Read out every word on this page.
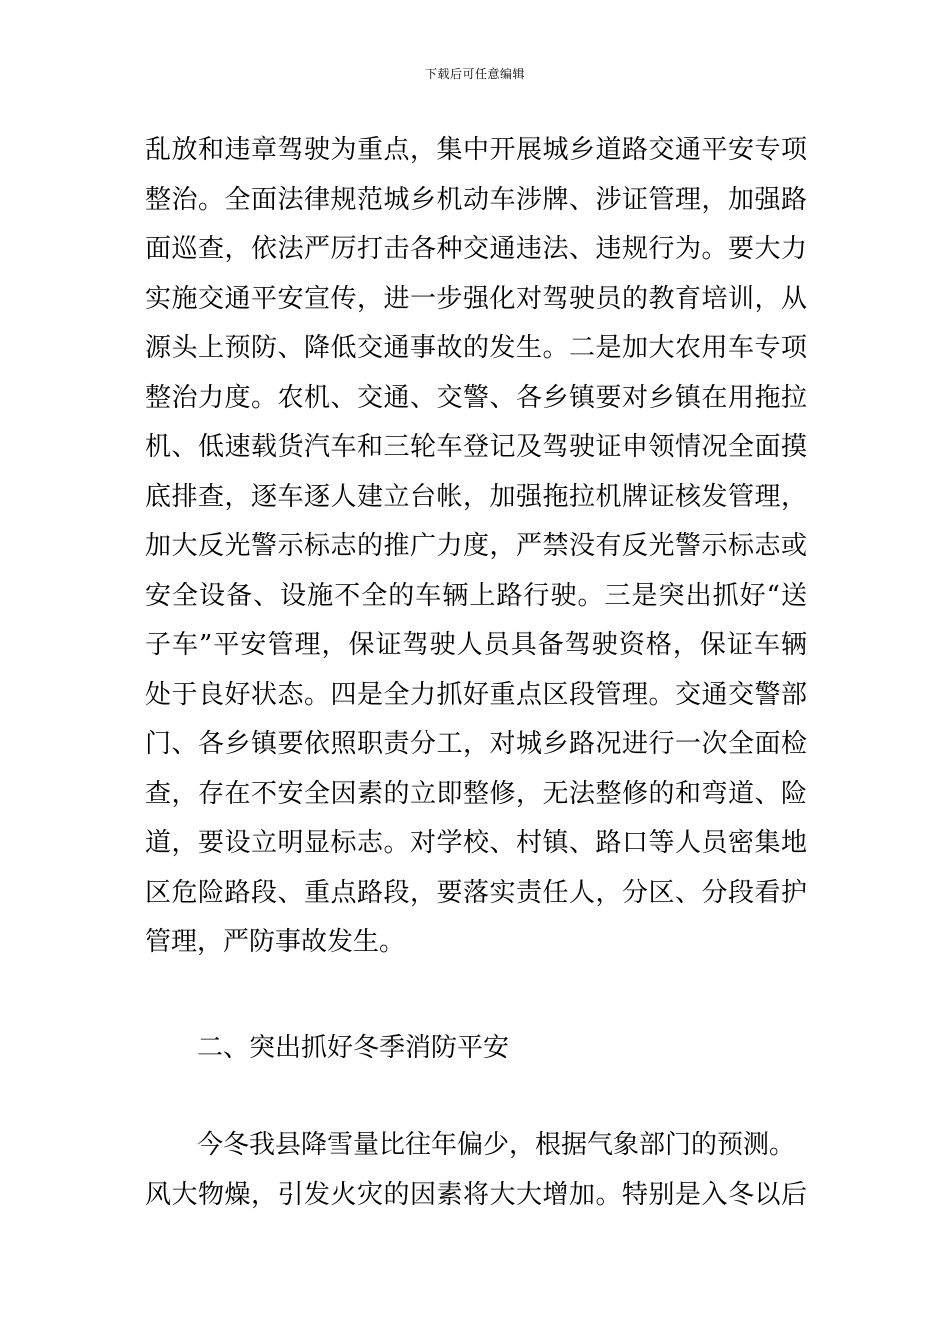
下载后可任意编辑
乱放和违章驾驶为重点，集中开展城乡道路交通平安专项
整治。全面法律规范城乡机动车涉牌、涉证管理，加强路
面巡查，依法严厉打击各种交通违法、违规行为。要大力
实施交通平安宣传，进一步强化对驾驶员的教育培训，从
源头上预防、降低交通事故的发生。二是加大农用车专项
整治力度。农机、交通、交警、各乡镇要对乡镇在用拖拉
机、低速载货汽车和三轮车登记及驾驶证申领情况全面摸
底排查，逐车逐人建立台帐，加强拖拉机牌证核发管理，
加大反光警示标志的推广力度，严禁没有反光警示标志或
安全设备、设施不全的车辆上路行驶。三是突出抓好“送
子车”平安管理，保证驾驶人员具备驾驶资格，保证车辆
处于良好状态。四是全力抓好重点区段管理。交通交警部
门、各乡镇要依照职责分工，对城乡路况进行一次全面检
查，存在不安全因素的立即整修，无法整修的和弯道、险
道，要设立明显标志。对学校、村镇、路口等人员密集地
区危险路段、重点路段，要落实责任人，分区、分段看护
管理，严防事故发生。
二、突出抓好冬季消防平安
今冬我县降雪量比往年偏少，根据气象部门的预测。
风大物燥，引发火灾的因素将大大增加。特别是入冬以后
